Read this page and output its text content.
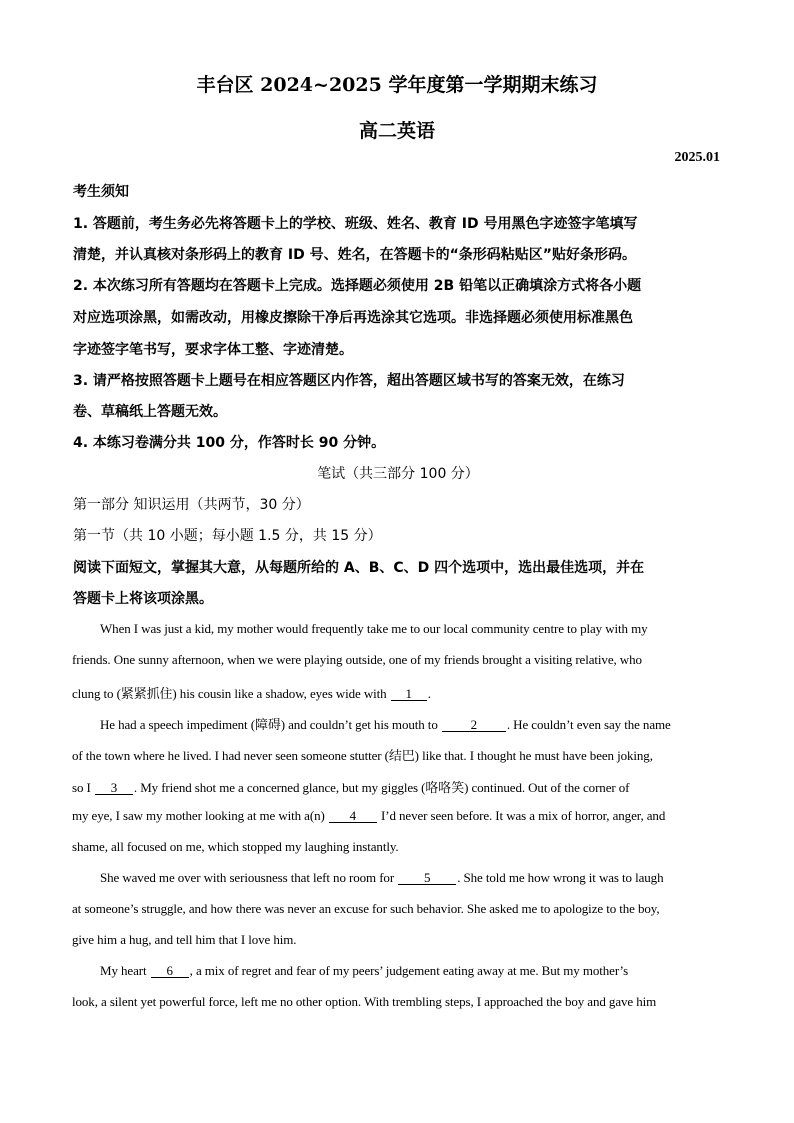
丰台区 2024~2025 学年度第一学期期末练习
高二英语
2025.01
考生须知
1. 答题前，考生务必先将答题卡上的学校、班级、姓名、教育 ID 号用黑色字迹签字笔填写
清楚，并认真核对条形码上的教育 ID 号、姓名，在答题卡的“条形码粘贴区”贴好条形码。
2. 本次练习所有答题均在答题卡上完成。选择题必须使用 2B 铅笔以正确填涂方式将各小题
对应选项涂黑，如需改动，用橡皮擦除干净后再选涂其它选项。非选择题必须使用标准黑色
字迹签字笔书写，要求字体工整、字迹清楚。
3. 请严格按照答题卡上题号在相应答题区内作答，超出答题区域书写的答案无效，在练习
卷、草稿纸上答题无效。
4. 本练习卷满分共 100 分，作答时长 90 分钟。
笔试（共三部分 100 分）
第一部分 知识运用（共两节，30 分）
第一节（共 10 小题；每小题 1.5 分，共 15 分）
阅读下面短文，掌握其大意，从每题所给的 A、B、C、D 四个选项中，选出最佳选项，并在
答题卡上将该项涂黑。
When I was just a kid, my mother would frequently take me to our local community centre to play with my
friends. One sunny afternoon, when we were playing outside, one of my friends brought a visiting relative, who
clung to (紧紧抓住) his cousin like a shadow, eyes wide with 1 .
He had a speech impediment (障碍) and couldn’t get his mouth to 2 . He couldn’t even say the name
of the town where he lived. I had never seen someone stutter (结巴) like that. I thought he must have been joking,
so I 3 . My friend shot me a concerned glance, but my giggles (咯咯笑) continued. Out of the corner of
my eye, I saw my mother looking at me with a(n) 4 I’d never seen before. It was a mix of horror, anger, and
shame, all focused on me, which stopped my laughing instantly.
She waved me over with seriousness that left no room for 5 . She told me how wrong it was to laugh
at someone’s struggle, and how there was never an excuse for such behavior. She asked me to apologize to the boy,
give him a hug, and tell him that I love him.
My heart 6 , a mix of regret and fear of my peers’ judgement eating away at me. But my mother’s
look, a silent yet powerful force, left me no other option. With trembling steps, I approached the boy and gave him
